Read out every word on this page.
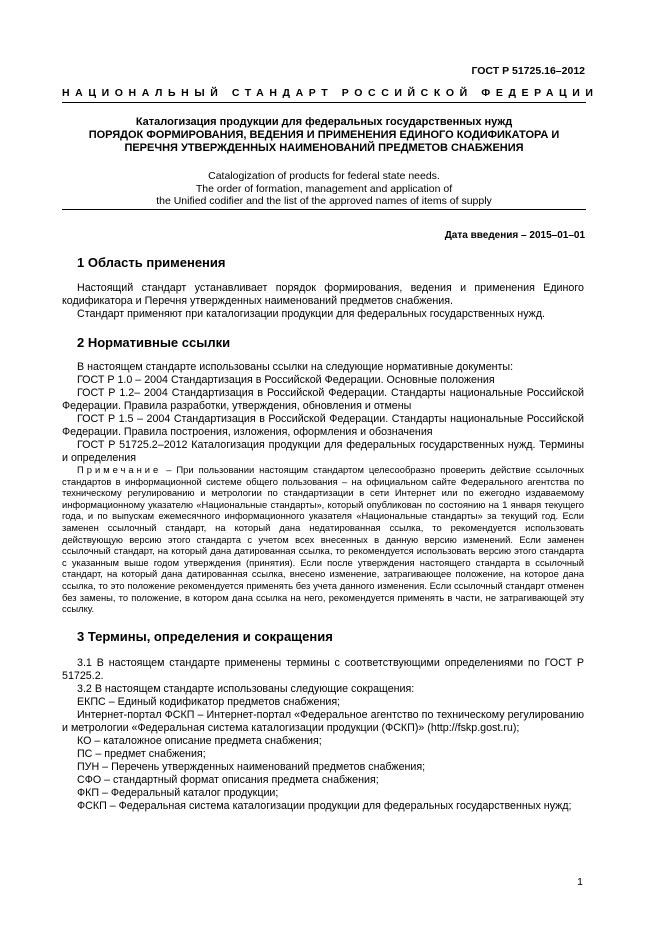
ГОСТ Р 51725.16–2012
НАЦИОНАЛЬНЫЙ СТАНДАРТ РОССИЙСКОЙ ФЕДЕРАЦИИ
Каталогизация продукции для федеральных государственных нужд
ПОРЯДОК ФОРМИРОВАНИЯ, ВЕДЕНИЯ И ПРИМЕНЕНИЯ ЕДИНОГО КОДИФИКАТОРА И
ПЕРЕЧНЯ УТВЕРЖДЕННЫХ НАИМЕНОВАНИЙ ПРЕДМЕТОВ СНАБЖЕНИЯ
Catalogization of products for federal state needs.
The order of formation, management and application of
the Unified codifier and the list of the approved names of items of supply
Дата введения – 2015–01–01
1 Область применения

Настоящий стандарт устанавливает порядок формирования, ведения и применения Единого кодификатора и Перечня утвержденных наименований предметов снабжения.

Стандарт применяют при каталогизации продукции для федеральных государственных нужд.

2 Нормативные ссылки

В настоящем стандарте использованы ссылки на следующие нормативные документы:

ГОСТ Р 1.0 – 2004 Стандартизация в Российской Федерации. Основные положения

ГОСТ Р 1.2– 2004 Стандартизация в Российской Федерации. Стандарты национальные Российской Федерации. Правила разработки, утверждения, обновления и отмены

ГОСТ Р 1.5 – 2004 Стандартизация в Российской Федерации. Стандарты национальные Российской Федерации. Правила построения, изложения, оформления и обозначения

ГОСТ Р 51725.2–2012 Каталогизация продукции для федеральных государственных нужд. Термины и определения

Примечание – При пользовании настоящим стандартом целесообразно проверить действие ссылочных стандартов в информационной системе общего пользования – на официальном сайте Федерального агентства по техническому регулированию и метрологии по стандартизации в сети Интернет или по ежегодно издаваемому информационному указателю «Национальные стандарты», который опубликован по состоянию на 1 января текущего года, и по выпускам ежемесячного информационного указателя «Национальные стандарты» за текущий год. Если заменен ссылочный стандарт, на который дана недатированная ссылка, то рекомендуется использовать действующую версию этого стандарта с учетом всех внесенных в данную версию изменений. Если заменен ссылочный стандарт, на который дана датированная ссылка, то рекомендуется использовать версию этого стандарта с указанным выше годом утверждения (принятия). Если после утверждения настоящего стандарта в ссылочный стандарт, на который дана датированная ссылка, внесено изменение, затрагивающее положение, на которое дана ссылка, то это положение рекомендуется применять без учета данного изменения. Если ссылочный стандарт отменен без замены, то положение, в котором дана ссылка на него, рекомендуется применять в части, не затрагивающей эту ссылку.

3 Термины, определения и сокращения

3.1 В настоящем стандарте применены термины с соответствующими определениями по ГОСТ Р 51725.2.

3.2 В настоящем стандарте использованы следующие сокращения:

ЕКПС – Единый кодификатор предметов снабжения;

Интернет-портал ФСКП – Интернет-портал «Федеральное агентство по техническому регулированию и метрологии «Федеральная система каталогизации продукции (ФСКП)» (http://fskp.gost.ru);

КО – каталожное описание предмета снабжения;

ПС – предмет снабжения;

ПУН – Перечень утвержденных наименований предметов снабжения;

СФО – стандартный формат описания предмета снабжения;

ФКП – Федеральный каталог продукции;

ФСКП – Федеральная система каталогизации продукции для федеральных государственных нужд;

1
